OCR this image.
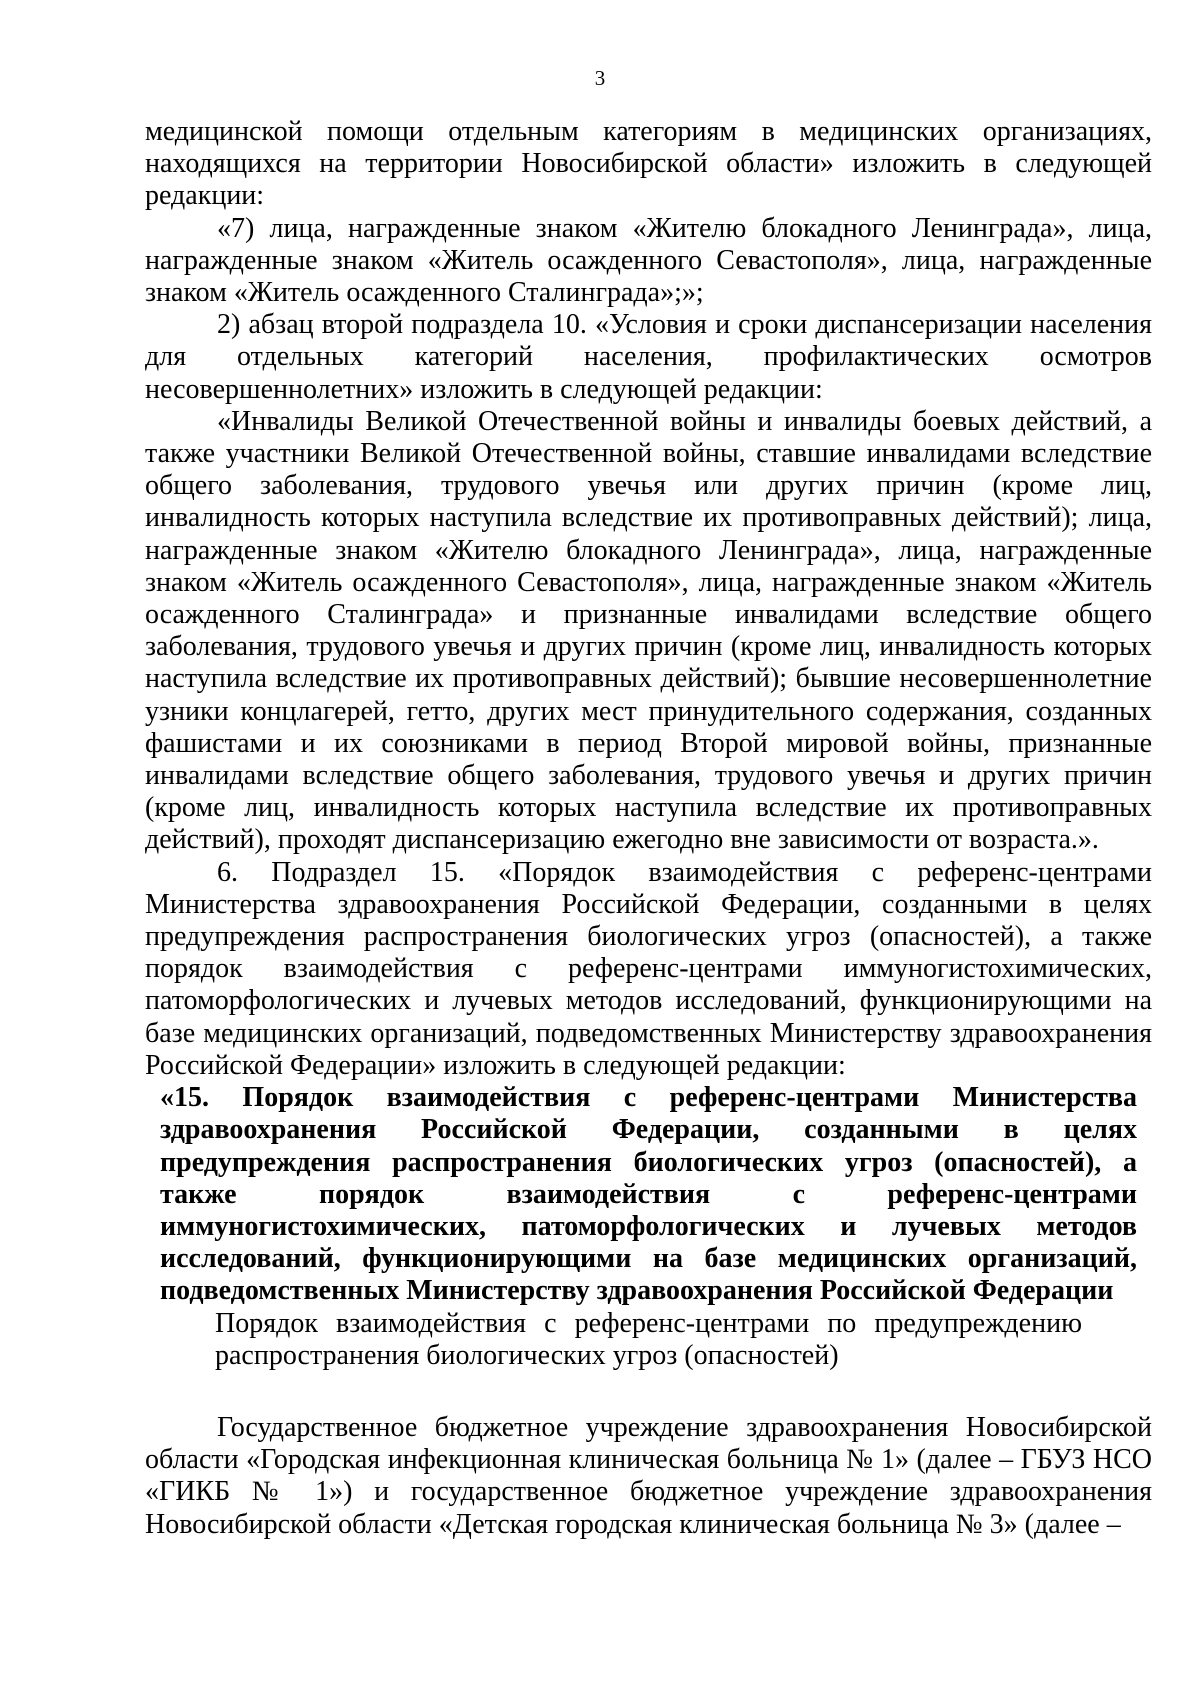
3

медицинской помощи отдельным категориям в медицинских организациях, находящихся на территории Новосибирской области» изложить в следующей редакции:

«7) лица, награжденные знаком «Жителю блокадного Ленинграда», лица, награжденные знаком «Житель осажденного Севастополя», лица, награжденные знаком «Житель осажденного Сталинграда»;»;

2) абзац второй подраздела 10. «Условия и сроки диспансеризации населения для отдельных категорий населения, профилактических осмотров несовершеннолетних» изложить в следующей редакции:

«Инвалиды Великой Отечественной войны и инвалиды боевых действий, а также участники Великой Отечественной войны, ставшие инвалидами вследствие общего заболевания, трудового увечья или других причин (кроме лиц, инвалидность которых наступила вследствие их противоправных действий); лица, награжденные знаком «Жителю блокадного Ленинграда», лица, награжденные знаком «Житель осажденного Севастополя», лица, награжденные знаком «Житель осажденного Сталинграда» и признанные инвалидами вследствие общего заболевания, трудового увечья и других причин (кроме лиц, инвалидность которых наступила вследствие их противоправных действий); бывшие несовершеннолетние узники концлагерей, гетто, других мест принудительного содержания, созданных фашистами и их союзниками в период Второй мировой войны, признанные инвалидами вследствие общего заболевания, трудового увечья и других причин (кроме лиц, инвалидность которых наступила вследствие их противоправных действий), проходят диспансеризацию ежегодно вне зависимости от возраста.».

6. Подраздел 15. «Порядок взаимодействия с референс-центрами Министерства здравоохранения Российской Федерации, созданными в целях предупреждения распространения биологических угроз (опасностей), а также порядок взаимодействия с референс-центрами иммуногистохимических, патоморфологических и лучевых методов исследований, функционирующими на базе медицинских организаций, подведомственных Министерству здравоохранения Российской Федерации» изложить в следующей редакции:

«15. Порядок взаимодействия с референс-центрами Министерства здравоохранения Российской Федерации, созданными в целях предупреждения распространения биологических угроз (опасностей), а также порядок взаимодействия с референс-центрами иммуногистохимических, патоморфологических и лучевых методов исследований, функционирующими на базе медицинских организаций, подведомственных Министерству здравоохранения Российской Федерации

Порядок взаимодействия с референс-центрами по предупреждению распространения биологических угроз (опасностей)

Государственное бюджетное учреждение здравоохранения Новосибирской области «Городская инфекционная клиническая больница № 1» (далее – ГБУЗ НСО «ГИКБ № 1») и государственное бюджетное учреждение здравоохранения Новосибирской области «Детская городская клиническая больница № 3» (далее –
